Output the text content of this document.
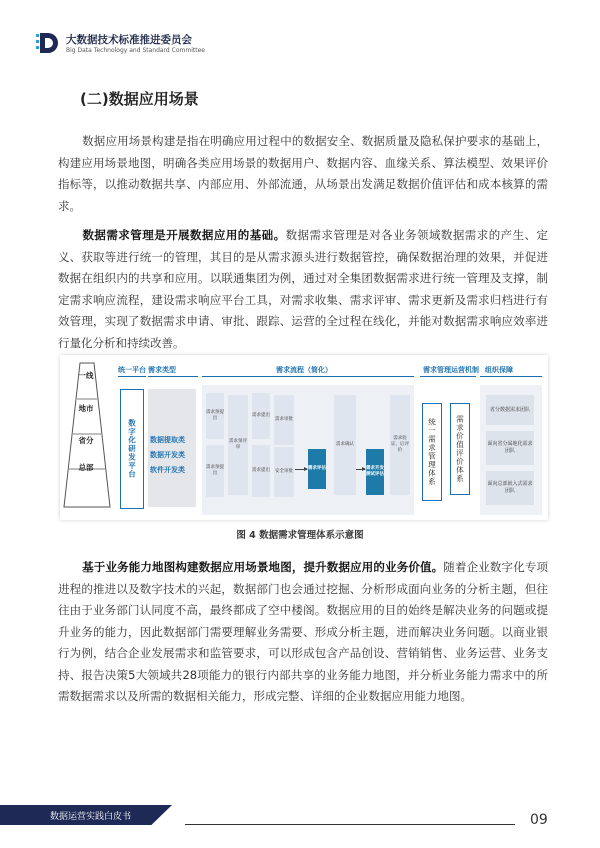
大数据技术标准推进委员会
Big Data Technology and Standard Committee
(二)数据应用场景

数据应用场景构建是指在明确应用过程中的数据安全、数据质量及隐私保护要求的基础上，构建应用场景地图，明确各类应用场景的数据用户、数据内容、血缘关系、算法模型、效果评价指标等，以推动数据共享、内部应用、外部流通，从场景出发满足数据价值评估和成本核算的需求。

数据需求管理是开展数据应用的基础。数据需求管理是对各业务领域数据需求的产生、定义、获取等进行统一的管理，其目的是从需求源头进行数据管控，确保数据治理的效果，并促进数据在组织内的共享和应用。以联通集团为例，通过对全集团数据需求进行统一管理及支撑，制定需求响应流程，建设需求响应平台工具，对需求收集、需求评审、需求更新及需求归档进行有效管理，实现了数据需求申请、审批、跟踪、运营的全过程在线化，并能对数据需求响应效率进行量化分析和持续改善。

一线
地市
省分
总部
统一平台 需求类型	需求流程（简化）	需求管理运营机制 组织保障
数字化研发平台	数据提取类
数据开发类
软件开发类
需求预提出
需求预提出
需求预评审
需求提出
需求提出
需求审批
安全审批
需求评估
需求确认
需求开发测试评估
需求验证、后评价	统一需求管理体系	需求价值评价体系
省分数据需求团队
面向省分属地化需求团队
面向总部嵌入式需求团队
图 4 数据需求管理体系示意图

基于业务能力地图构建数据应用场景地图，提升数据应用的业务价值。随着企业数字化专项进程的推进以及数字技术的兴起，数据部门也会通过挖掘、分析形成面向业务的分析主题，但往往由于业务部门认同度不高，最终都成了空中楼阁。数据应用的目的始终是解决业务的问题或提升业务的能力，因此数据部门需要理解业务需要、形成分析主题，进而解决业务问题。以商业银行为例，结合企业发展需求和监管要求，可以形成包含产品创设、营销销售、业务运营、业务支持、报告决策5大领域共28项能力的银行内部共享的业务能力地图，并分析业务能力需求中的所需数据需求以及所需的数据相关能力，形成完整、详细的企业数据应用能力地图。

数据运营实践白皮书	09
